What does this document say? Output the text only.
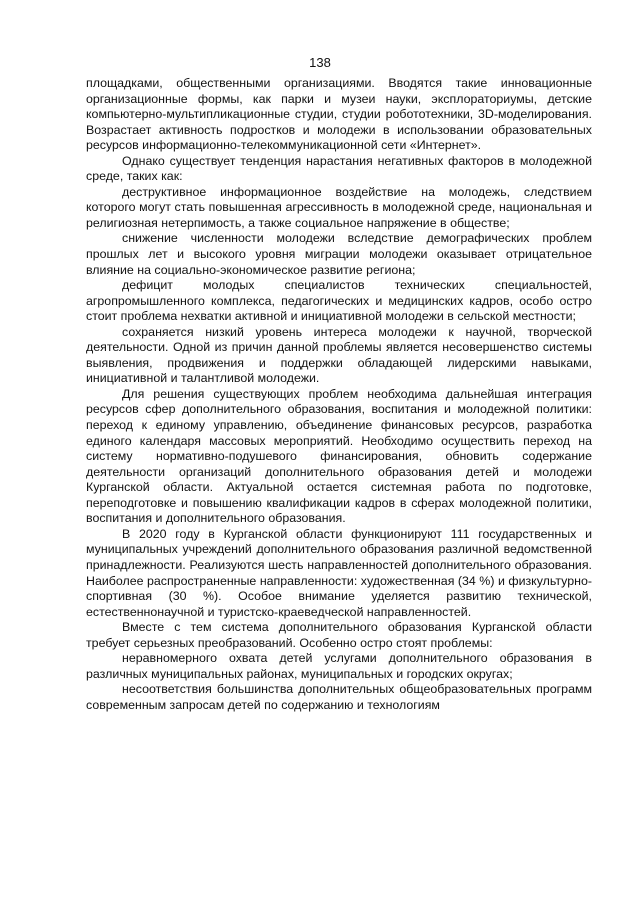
138

площадками, общественными организациями. Вводятся такие инновационные организационные формы, как парки и музеи науки, эксплораториумы, детские компьютерно-мультипликационные студии, студии робототехники, 3D-моделирования. Возрастает активность подростков и молодежи в использовании образовательных ресурсов информационно-телекоммуникационной сети «Интернет».

Однако существует тенденция нарастания негативных факторов в молодежной среде, таких как:

деструктивное информационное воздействие на молодежь, следствием которого могут стать повышенная агрессивность в молодежной среде, национальная и религиозная нетерпимость, а также социальное напряжение в обществе;

снижение численности молодежи вследствие демографических проблем прошлых лет и высокого уровня миграции молодежи оказывает отрицательное влияние на социально-экономическое развитие региона;

дефицит молодых специалистов технических специальностей, агропромышленного комплекса, педагогических и медицинских кадров, особо остро стоит проблема нехватки активной и инициативной молодежи в сельской местности;

сохраняется низкий уровень интереса молодежи к научной, творческой деятельности. Одной из причин данной проблемы является несовершенство системы выявления, продвижения и поддержки обладающей лидерскими навыками, инициативной и талантливой молодежи.

Для решения существующих проблем необходима дальнейшая интеграция ресурсов сфер дополнительного образования, воспитания и молодежной политики: переход к единому управлению, объединение финансовых ресурсов, разработка единого календаря массовых мероприятий. Необходимо осуществить переход на систему нормативно-подушевого финансирования, обновить содержание деятельности организаций дополнительного образования детей и молодежи Курганской области. Актуальной остается системная работа по подготовке, переподготовке и повышению квалификации кадров в сферах молодежной политики, воспитания и дополнительного образования.

В 2020 году в Курганской области функционируют 111 государственных и муниципальных учреждений дополнительного образования различной ведомственной принадлежности. Реализуются шесть направленностей дополнительного образования. Наиболее распространенные направленности: художественная (34 %) и физкультурно-спортивная (30 %). Особое внимание уделяется развитию технической, естественнонаучной и туристско-краеведческой направленностей.

Вместе с тем система дополнительного образования Курганской области требует серьезных преобразований. Особенно остро стоят проблемы:

неравномерного охвата детей услугами дополнительного образования в различных муниципальных районах, муниципальных и городских округах;

несоответствия большинства дополнительных общеобразовательных программ современным запросам детей по содержанию и технологиям
